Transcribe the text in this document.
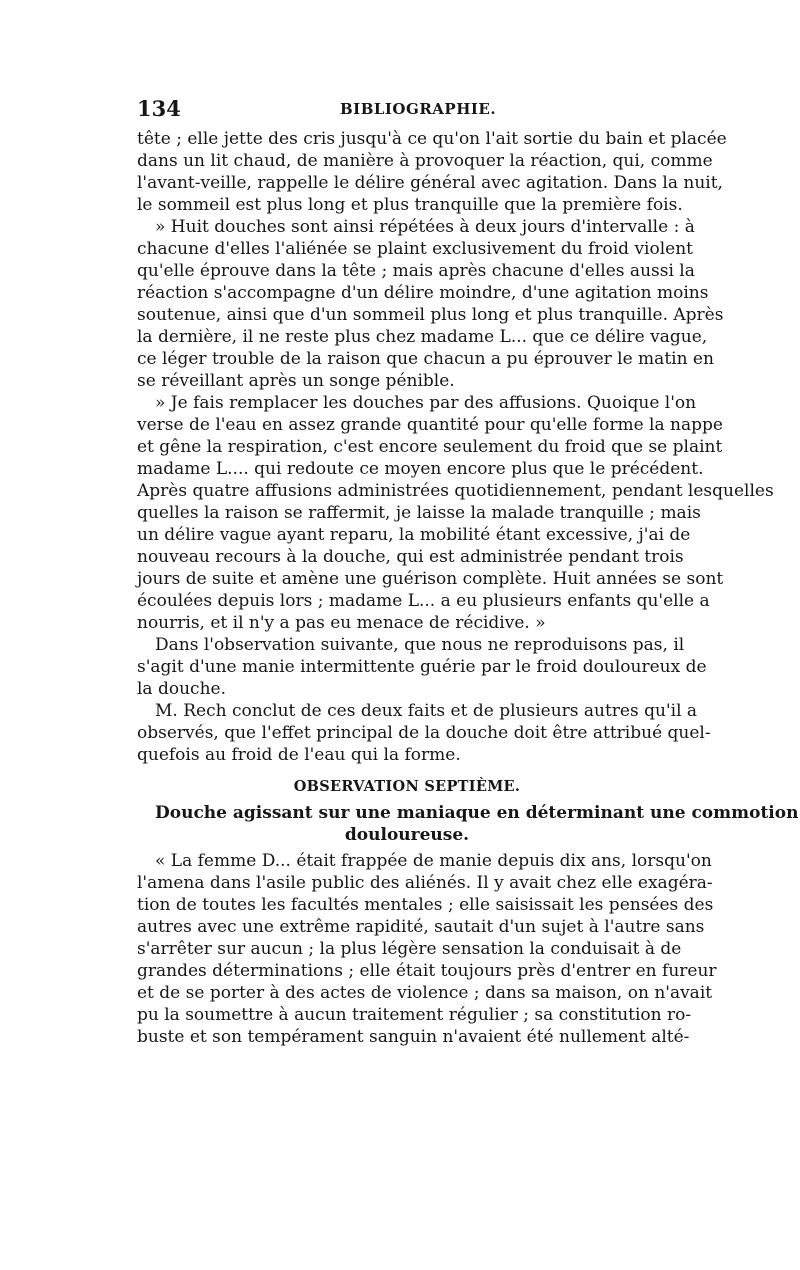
134	BIBLIOGRAPHIE.
tête ; elle jette des cris jusqu'à ce qu'on l'ait sortie du bain et placée
dans un lit chaud, de manière à provoquer la réaction, qui, comme
l'avant-veille, rappelle le délire général avec agitation. Dans la nuit,
le sommeil est plus long et plus tranquille que la première fois.
» Huit douches sont ainsi répétées à deux jours d'intervalle : à
chacune d'elles l'aliénée se plaint exclusivement du froid violent
qu'elle éprouve dans la tête ; mais après chacune d'elles aussi la
réaction s'accompagne d'un délire moindre, d'une agitation moins
soutenue, ainsi que d'un sommeil plus long et plus tranquille. Après
la dernière, il ne reste plus chez madame L... que ce délire vague,
ce léger trouble de la raison que chacun a pu éprouver le matin en
se réveillant après un songe pénible.
» Je fais remplacer les douches par des affusions. Quoique l'on
verse de l'eau en assez grande quantité pour qu'elle forme la nappe
et gêne la respiration, c'est encore seulement du froid que se plaint
madame L.... qui redoute ce moyen encore plus que le précédent.
Après quatre affusions administrées quotidiennement, pendant lesquelles
quelles la raison se raffermit, je laisse la malade tranquille ; mais
un délire vague ayant reparu, la mobilité étant excessive, j'ai de
nouveau recours à la douche, qui est administrée pendant trois
jours de suite et amène une guérison complète. Huit années se sont
écoulées depuis lors ; madame L... a eu plusieurs enfants qu'elle a
nourris, et il n'y a pas eu menace de récidive. »
Dans l'observation suivante, que nous ne reproduisons pas, il
s'agit d'une manie intermittente guérie par le froid douloureux de
la douche.
M. Rech conclut de ces deux faits et de plusieurs autres qu'il a
observés, que l'effet principal de la douche doit être attribué quel-
quefois au froid de l'eau qui la forme.
OBSERVATION SEPTIÈME.
Douche agissant sur une maniaque en déterminant une commotion
douloureuse.
« La femme D... était frappée de manie depuis dix ans, lorsqu'on
l'amena dans l'asile public des aliénés. Il y avait chez elle exagéra-
tion de toutes les facultés mentales ; elle saisissait les pensées des
autres avec une extrême rapidité, sautait d'un sujet à l'autre sans
s'arrêter sur aucun ; la plus légère sensation la conduisait à de
grandes déterminations ; elle était toujours près d'entrer en fureur
et de se porter à des actes de violence ; dans sa maison, on n'avait
pu la soumettre à aucun traitement régulier ; sa constitution ro-
buste et son tempérament sanguin n'avaient été nullement alté-
